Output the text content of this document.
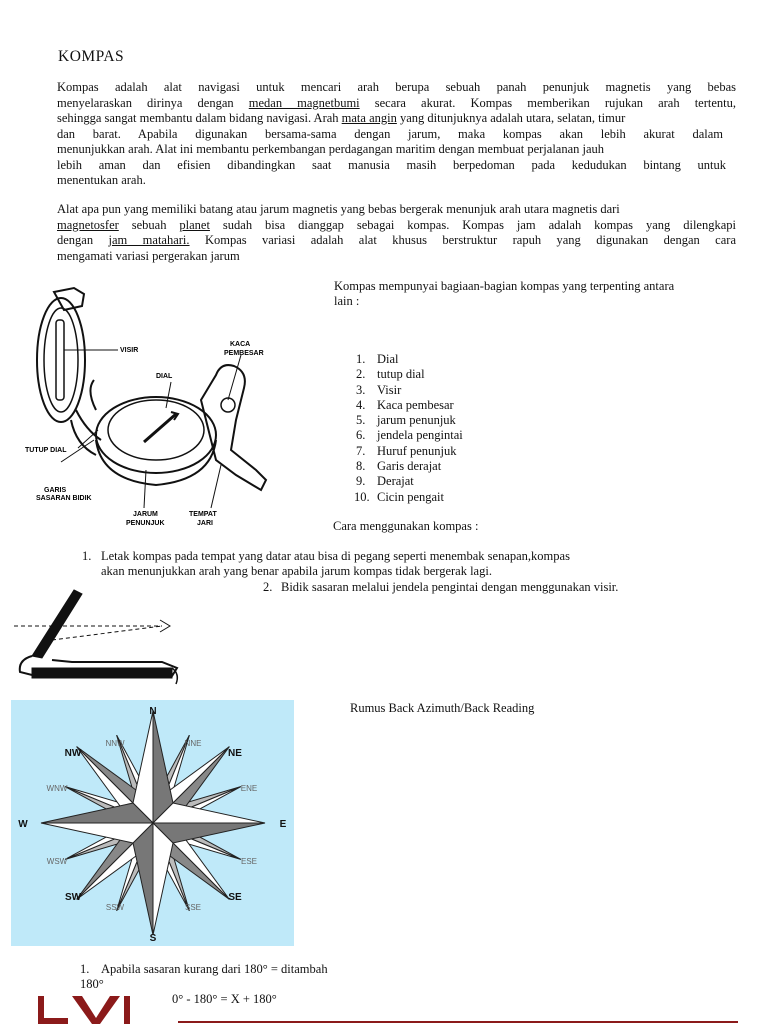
KOMPAS
Kompas adalah alat navigasi untuk mencari arah berupa sebuah panah penunjuk magnetis yang bebas
menyelaraskan dirinya dengan medan magnetbumi secara akurat. Kompas memberikan rujukan arah tertentu,
sehingga sangat membantu dalam bidang navigasi. Arah mata angin yang ditunjuknya adalah utara, selatan, timur
dan barat. Apabila digunakan bersama-sama dengan jarum, maka kompas akan lebih akurat dalam
menunjukkan arah. Alat ini membantu perkembangan perdagangan maritim dengan membuat perjalanan jauh
lebih aman dan efisien dibandingkan saat manusia masih berpedoman pada kedudukan bintang untuk
menentukan arah.
Alat apa pun yang memiliki batang atau jarum magnetis yang bebas bergerak menunjuk arah utara magnetis dari
magnetosfer sebuah planet sudah bisa dianggap sebagai kompas. Kompas jam adalah kompas yang dilengkapi
dengan jam matahari. Kompas variasi adalah alat khusus berstruktur rapuh yang digunakan dengan cara
mengamati variasi pergerakan jarum
VISIR
KACA
PEMBESAR
DIAL
TUTUP DIAL
GARIS
SASARAN BIDIK
JARUM
PENUNJUK
TEMPAT
JARI
Kompas mempunyai bagiaan-bagian kompas yang terpenting antara
lain :
1. Dial
2. tutup dial
3. Visir
4. Kaca pembesar
5. jarum penunjuk
6. jendela pengintai
7. Huruf penunjuk
8. Garis derajat
9. Derajat
10. Cicin pengait
Cara menggunakan kompas :
1. Letak kompas pada tempat yang datar atau bisa di pegang seperti menembak senapan,kompas
akan menunjukkan arah yang benar apabila jarum kompas tidak bergerak lagi.
2. Bidik sasaran melalui jendela pengintai dengan menggunakan visir.
N
S
E
W
NE
NW
SE
SW
NNW	NNE
ENE
ESE
SSE
SSW
WSW
WNW
Rumus Back Azimuth/Back Reading
1. Apabila sasaran kurang dari 180° = ditambah
180°
0° - 180° = X + 180°
